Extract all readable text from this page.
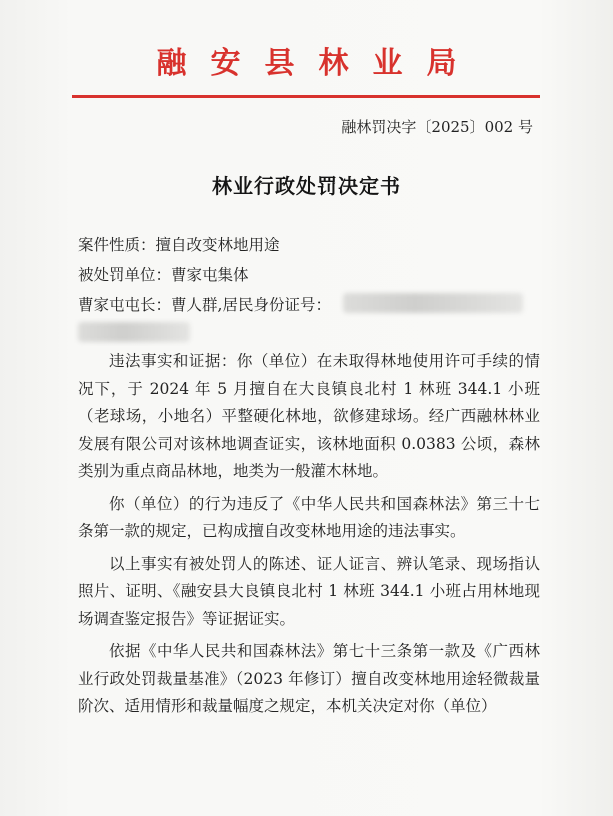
融安县林业局
融林罚决字〔2025〕002 号
林业行政处罚决定书
案件性质：擅自改变林地用途
被处罚单位：曹家屯集体
曹家屯屯长：曹人群,居民身份证号：

违法事实和证据：你（单位）在未取得林地使用许可手续的情况下，于 2024 年 5 月擅自在大良镇良北村 1 林班 344.1 小班（老球场，小地名）平整硬化林地，欲修建球场。经广西融林林业发展有限公司对该林地调查证实，该林地面积 0.0383 公顷，森林类别为重点商品林地，地类为一般灌木林地。

你（单位）的行为违反了《中华人民共和国森林法》第三十七条第一款的规定，已构成擅自改变林地用途的违法事实。

以上事实有被处罚人的陈述、证人证言、辨认笔录、现场指认照片、证明、《融安县大良镇良北村 1 林班 344.1 小班占用林地现场调查鉴定报告》等证据证实。

依据《中华人民共和国森林法》第七十三条第一款及《广西林业行政处罚裁量基准》（2023 年修订）擅自改变林地用途轻微裁量阶次、适用情形和裁量幅度之规定，本机关决定对你（单位）
